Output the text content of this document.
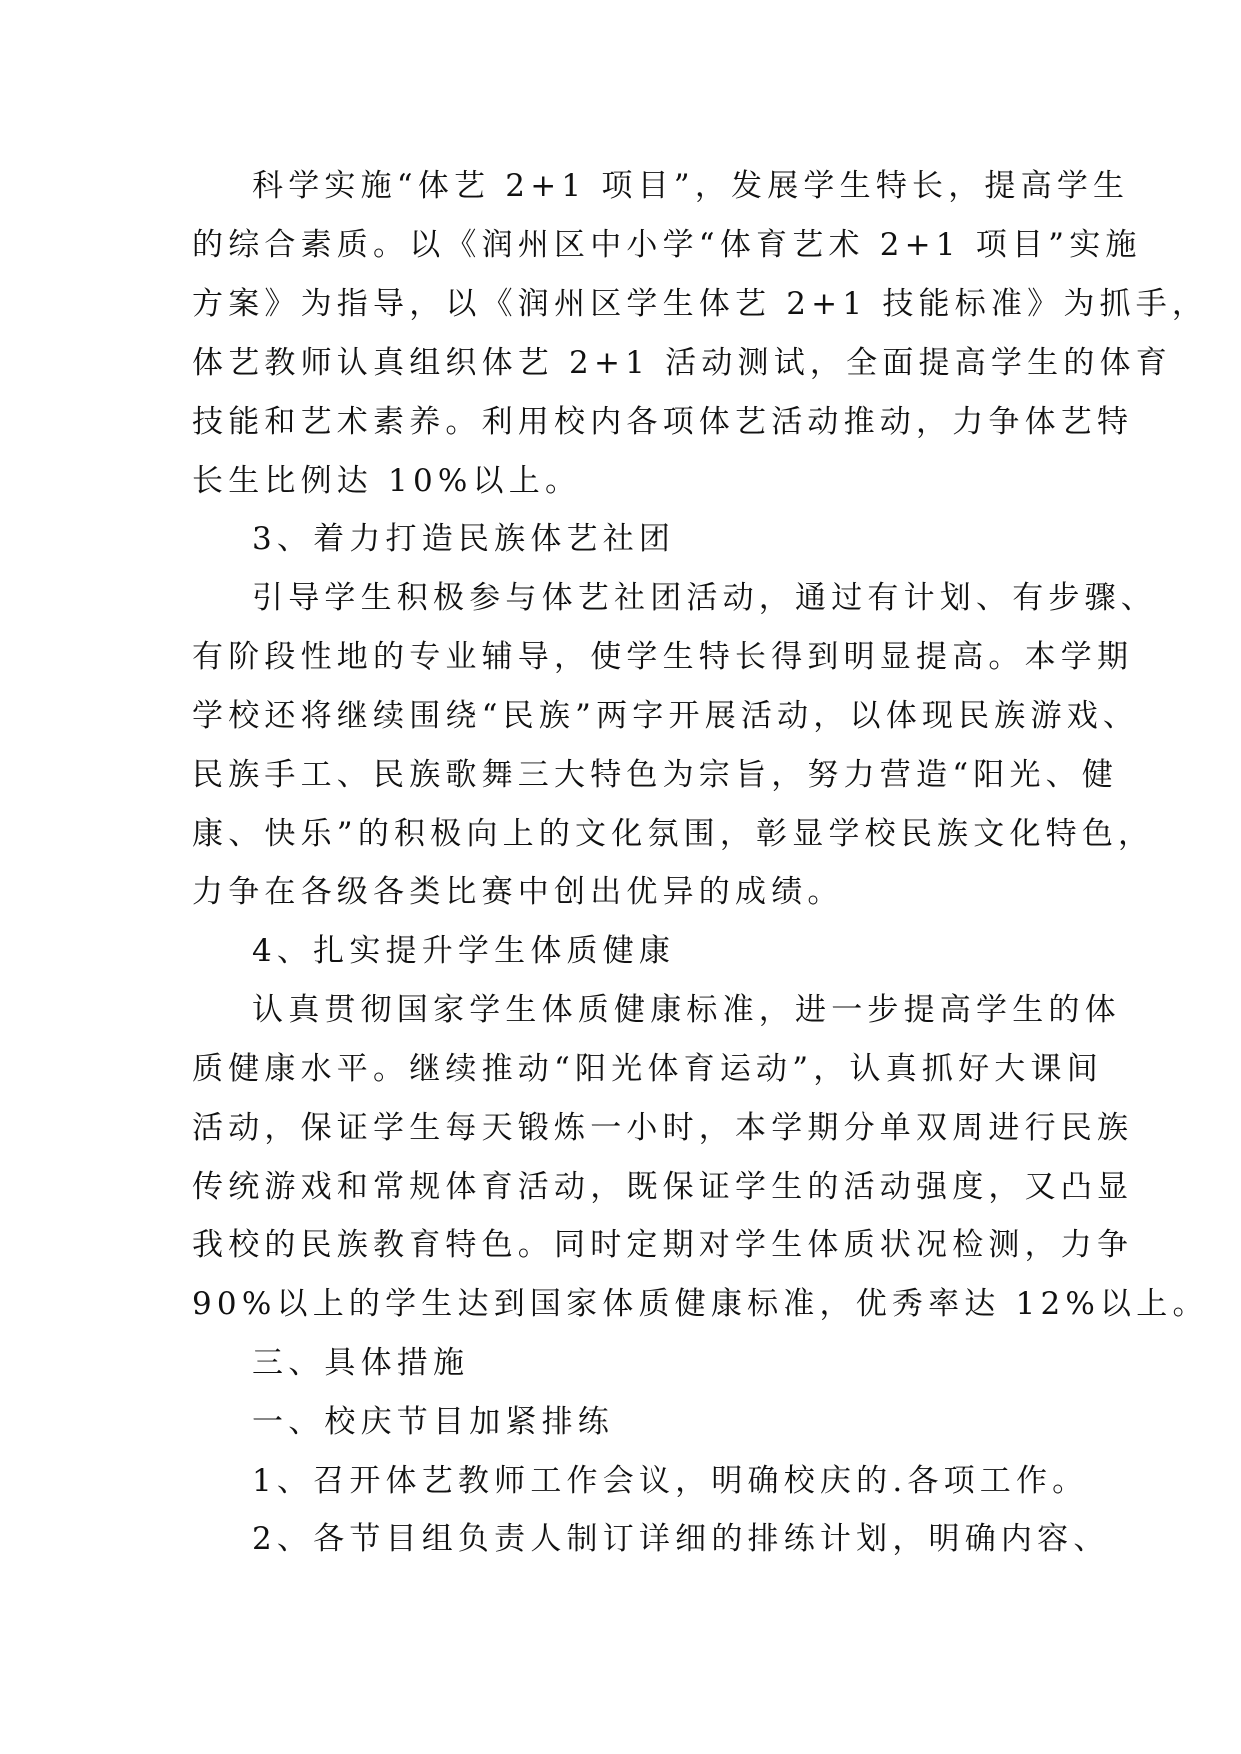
科学实施“体艺 2+1 项目”，发展学生特长，提高学生
的综合素质。以《润州区中小学“体育艺术 2+1 项目”实施
方案》为指导，以《润州区学生体艺 2+1 技能标准》为抓手，
体艺教师认真组织体艺 2+1 活动测试，全面提高学生的体育
技能和艺术素养。利用校内各项体艺活动推动，力争体艺特
长生比例达 10%以上。
3、着力打造民族体艺社团
引导学生积极参与体艺社团活动，通过有计划、有步骤、
有阶段性地的专业辅导，使学生特长得到明显提高。本学期
学校还将继续围绕“民族”两字开展活动，以体现民族游戏、
民族手工、民族歌舞三大特色为宗旨，努力营造“阳光、健
康、快乐”的积极向上的文化氛围，彰显学校民族文化特色，
力争在各级各类比赛中创出优异的成绩。
4、扎实提升学生体质健康
认真贯彻国家学生体质健康标准，进一步提高学生的体
质健康水平。继续推动“阳光体育运动”，认真抓好大课间
活动，保证学生每天锻炼一小时，本学期分单双周进行民族
传统游戏和常规体育活动，既保证学生的活动强度，又凸显
我校的民族教育特色。同时定期对学生体质状况检测，力争
90%以上的学生达到国家体质健康标准，优秀率达 12%以上。
三、具体措施
一、校庆节目加紧排练
1、召开体艺教师工作会议，明确校庆的.各项工作。
2、各节目组负责人制订详细的排练计划，明确内容、
